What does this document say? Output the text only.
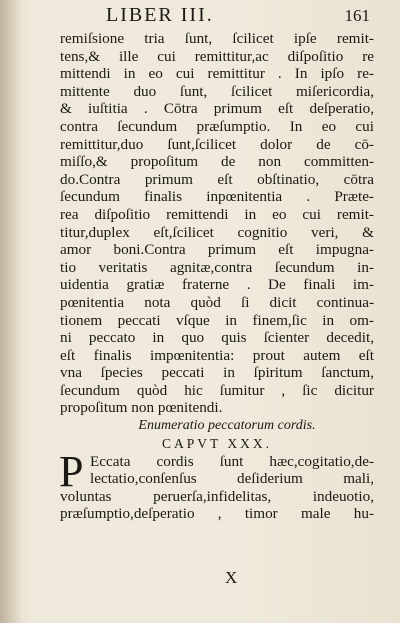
LIBER III.	161
remiſsione tria ſunt, ſcilicet ipſe remit-
tens,& ille cui remittitur,ac diſpoſitio re
mittendi in eo cui remittitur . In ipſo re-
mittente duo ſunt, ſcilicet miſericordia,
& iuſtitia . Cōtra primum eſt deſperatio,
contra ſecundum præſumptio. In eo cui
remittitur,duo ſunt,ſcilicet dolor de cō-
miſſo,& propoſitum de non committen-
do.Contra primum eſt obſtinatio, cōtra
ſecundum finalis inpœnitentia . Præte-
rea diſpoſitio remittendi in eo cui remit-
titur,duplex eſt,ſcilicet cognitio veri, &
amor boni.Contra primum eſt impugna-
tio veritatis agnitæ,contra ſecundum in-
uidentia gratiæ fraterne . De finali im-
pœnitentia nota quòd ſi dicit continua-
tionem peccati vſque in finem,ſic in om-
ni peccato in quo quis ſcienter decedit,
eſt finalis impœnitentia: prout autem eſt
vna ſpecies peccati in ſpiritum ſanctum,
ſecundum quòd hic ſumitur , ſic dicitur
propoſitum non pœnitendi.
Enumeratio peccatorum cordis.
CAPVT XXX.
P Eccata cordis ſunt hæc,cogitatio,de-
lectatio,conſenſus deſiderium mali,
voluntas peruerſa,infidelitas, indeuotio,
præſumptio,deſperatio , timor male hu-
X
